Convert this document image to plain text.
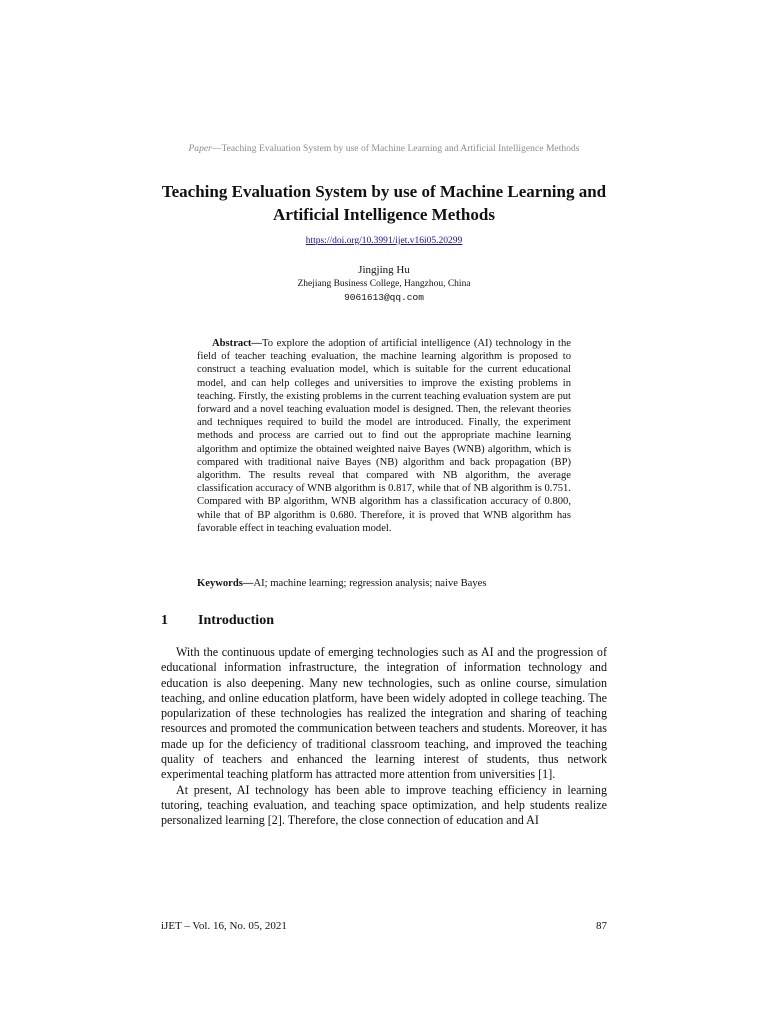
Paper—Teaching Evaluation System by use of Machine Learning and Artificial Intelligence Methods
Teaching Evaluation System by use of Machine Learning and Artificial Intelligence Methods
https://doi.org/10.3991/ijet.v16i05.20299
Jingjing Hu
Zhejiang Business College, Hangzhou, China
9061613@qq.com
Abstract—To explore the adoption of artificial intelligence (AI) technology in the field of teacher teaching evaluation, the machine learning algorithm is proposed to construct a teaching evaluation model, which is suitable for the current educational model, and can help colleges and universities to improve the existing problems in teaching. Firstly, the existing problems in the current teaching evaluation system are put forward and a novel teaching evaluation model is designed. Then, the relevant theories and techniques required to build the model are introduced. Finally, the experiment methods and process are carried out to find out the appropriate machine learning algorithm and optimize the obtained weighted naive Bayes (WNB) algorithm, which is compared with traditional naive Bayes (NB) algorithm and back propagation (BP) algorithm. The results reveal that compared with NB algorithm, the average classification accuracy of WNB algorithm is 0.817, while that of NB algorithm is 0.751. Compared with BP algorithm, WNB algorithm has a classification accuracy of 0.800, while that of BP algorithm is 0.680. Therefore, it is proved that WNB algorithm has favorable effect in teaching evaluation model.
Keywords—AI; machine learning; regression analysis; naive Bayes
1 Introduction

With the continuous update of emerging technologies such as AI and the progression of educational information infrastructure, the integration of information technology and education is also deepening. Many new technologies, such as online course, simulation teaching, and online education platform, have been widely adopted in college teaching. The popularization of these technologies has realized the integration and sharing of teaching resources and promoted the communication between teachers and students. Moreover, it has made up for the deficiency of traditional classroom teaching, and improved the teaching quality of teachers and enhanced the learning interest of students, thus network experimental teaching platform has attracted more attention from universities [1].

At present, AI technology has been able to improve teaching efficiency in learning tutoring, teaching evaluation, and teaching space optimization, and help students realize personalized learning [2]. Therefore, the close connection of education and AI

iJET – Vol. 16, No. 05, 2021	87
